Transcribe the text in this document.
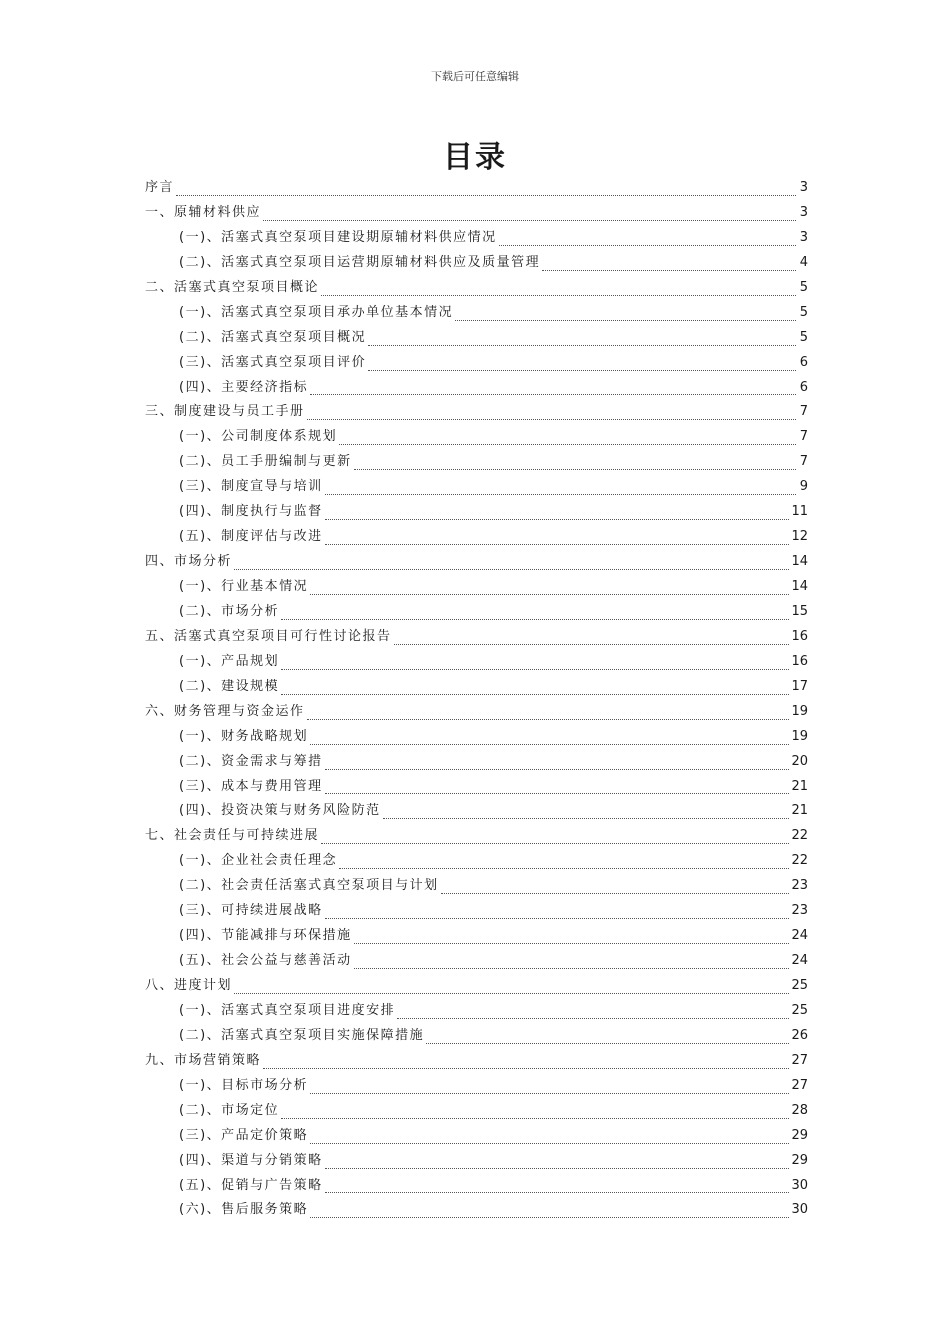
下载后可任意编辑
目录
序言	3
一、原辅材料供应	3
(一)、活塞式真空泵项目建设期原辅材料供应情况	3
(二)、活塞式真空泵项目运营期原辅材料供应及质量管理	4
二、活塞式真空泵项目概论	5
(一)、活塞式真空泵项目承办单位基本情况	5
(二)、活塞式真空泵项目概况	5
(三)、活塞式真空泵项目评价	6
(四)、主要经济指标	6
三、制度建设与员工手册	7
(一)、公司制度体系规划	7
(二)、员工手册编制与更新	7
(三)、制度宣导与培训	9
(四)、制度执行与监督	11
(五)、制度评估与改进	12
四、市场分析	14
(一)、行业基本情况	14
(二)、市场分析	15
五、活塞式真空泵项目可行性讨论报告	16
(一)、产品规划	16
(二)、建设规模	17
六、财务管理与资金运作	19
(一)、财务战略规划	19
(二)、资金需求与筹措	20
(三)、成本与费用管理	21
(四)、投资决策与财务风险防范	21
七、社会责任与可持续进展	22
(一)、企业社会责任理念	22
(二)、社会责任活塞式真空泵项目与计划	23
(三)、可持续进展战略	23
(四)、节能减排与环保措施	24
(五)、社会公益与慈善活动	24
八、进度计划	25
(一)、活塞式真空泵项目进度安排	25
(二)、活塞式真空泵项目实施保障措施	26
九、市场营销策略	27
(一)、目标市场分析	27
(二)、市场定位	28
(三)、产品定价策略	29
(四)、渠道与分销策略	29
(五)、促销与广告策略	30
(六)、售后服务策略	30
